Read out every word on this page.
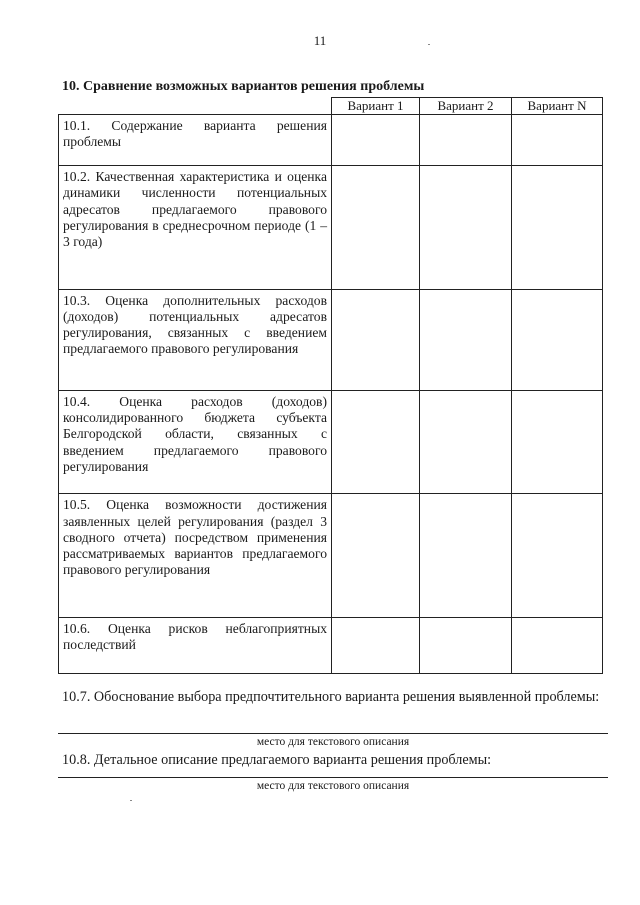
11
10. Сравнение возможных вариантов решения проблемы
	Вариант 1	Вариант 2	Вариант N
10.1. Содержание варианта решения проблемы			
10.2. Качественная характеристика и оценка динамики численности потенциальных адресатов предлагаемого правового регулирования в среднесрочном периоде (1 – 3 года)			
10.3. Оценка дополнительных расходов (доходов) потенциальных адресатов регулирования, связанных с введением предлагаемого правового регулирования			
10.4. Оценка расходов (доходов) консолидированного бюджета субъекта Белгородской области, связанных с введением предлагаемого правового регулирования			
10.5. Оценка возможности достижения заявленных целей регулирования (раздел 3 сводного отчета) посредством применения рассматриваемых вариантов предлагаемого правового регулирования			
10.6. Оценка рисков неблагоприятных последствий			
10.7. Обоснование выбора предпочтительного варианта решения выявленной проблемы:
место для текстового описания
10.8. Детальное описание предлагаемого варианта решения проблемы:
место для текстового описания
